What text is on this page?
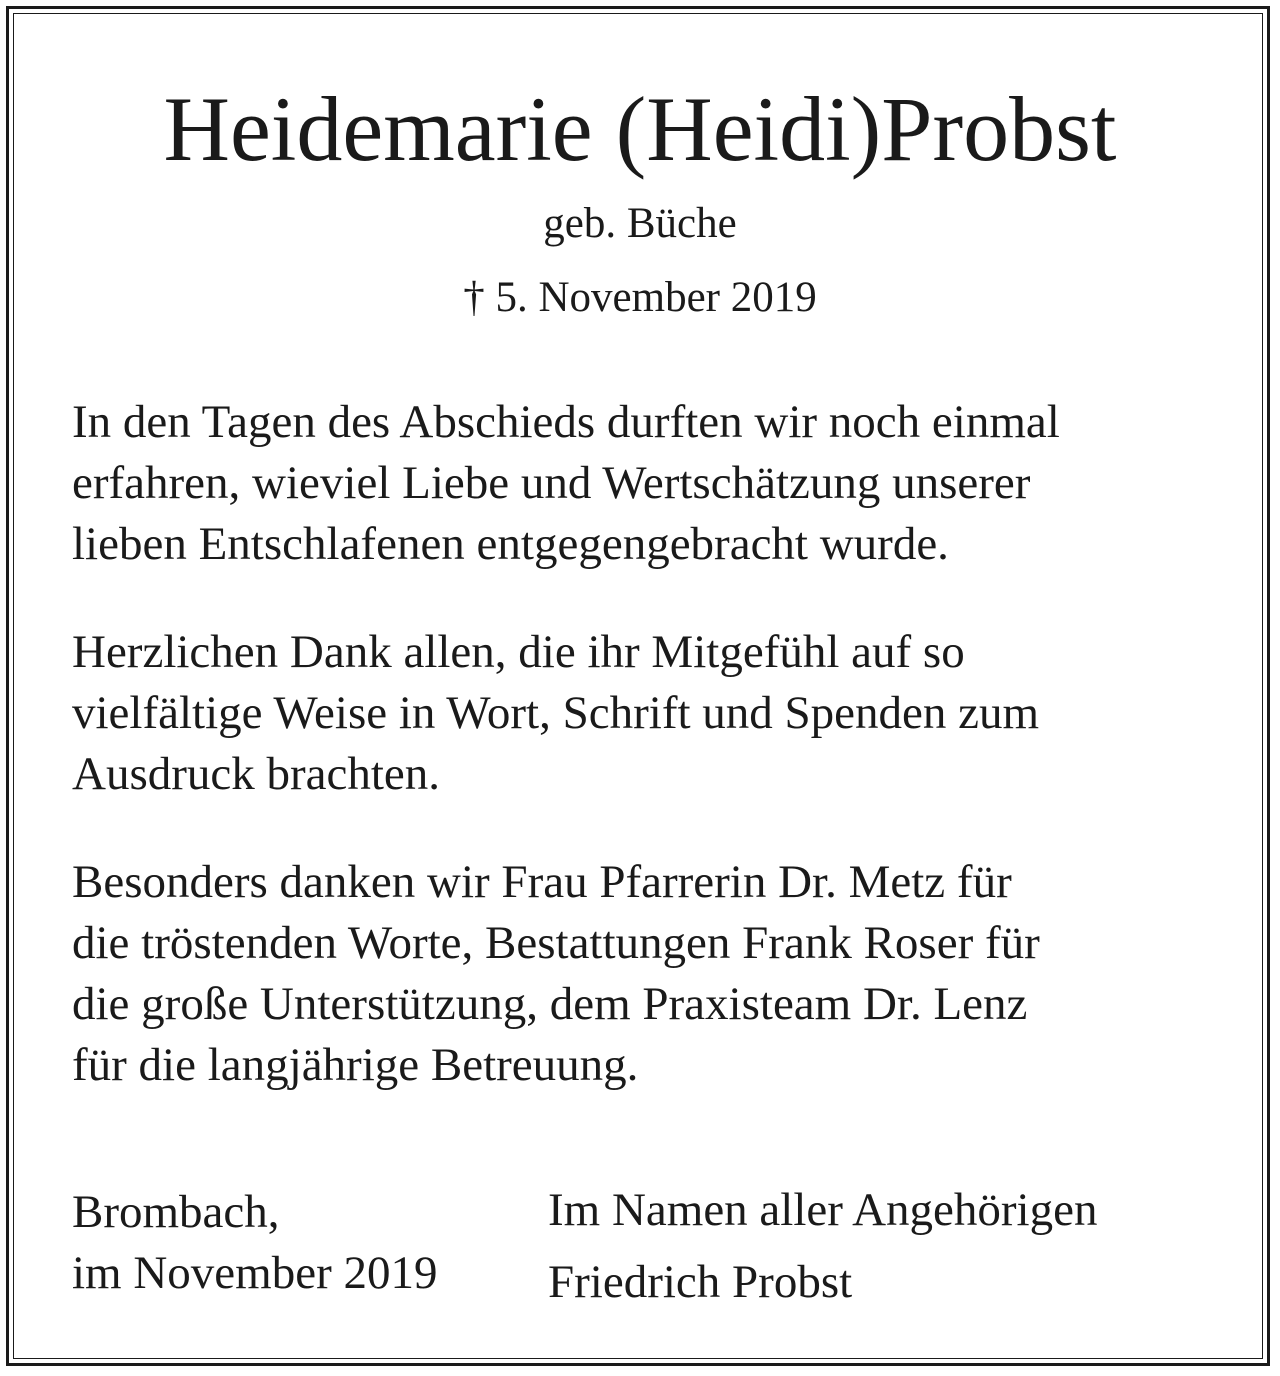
Heidemarie (Heidi)Probst
geb. Büche
† 5. November 2019

In den Tagen des Abschieds durften wir noch einmal
erfahren, wieviel Liebe und Wertschätzung unserer
lieben Entschlafenen entgegengebracht wurde.

Herzlichen Dank allen, die ihr Mitgefühl auf so
vielfältige Weise in Wort, Schrift und Spenden zum
Ausdruck brachten.

Besonders danken wir Frau Pfarrerin Dr. Metz für
die tröstenden Worte, Bestattungen Frank Roser für
die große Unterstützung, dem Praxisteam Dr. Lenz
für die langjährige Betreuung.

Brombach,
im November 2019
Im Namen aller Angehörigen
Friedrich Probst
